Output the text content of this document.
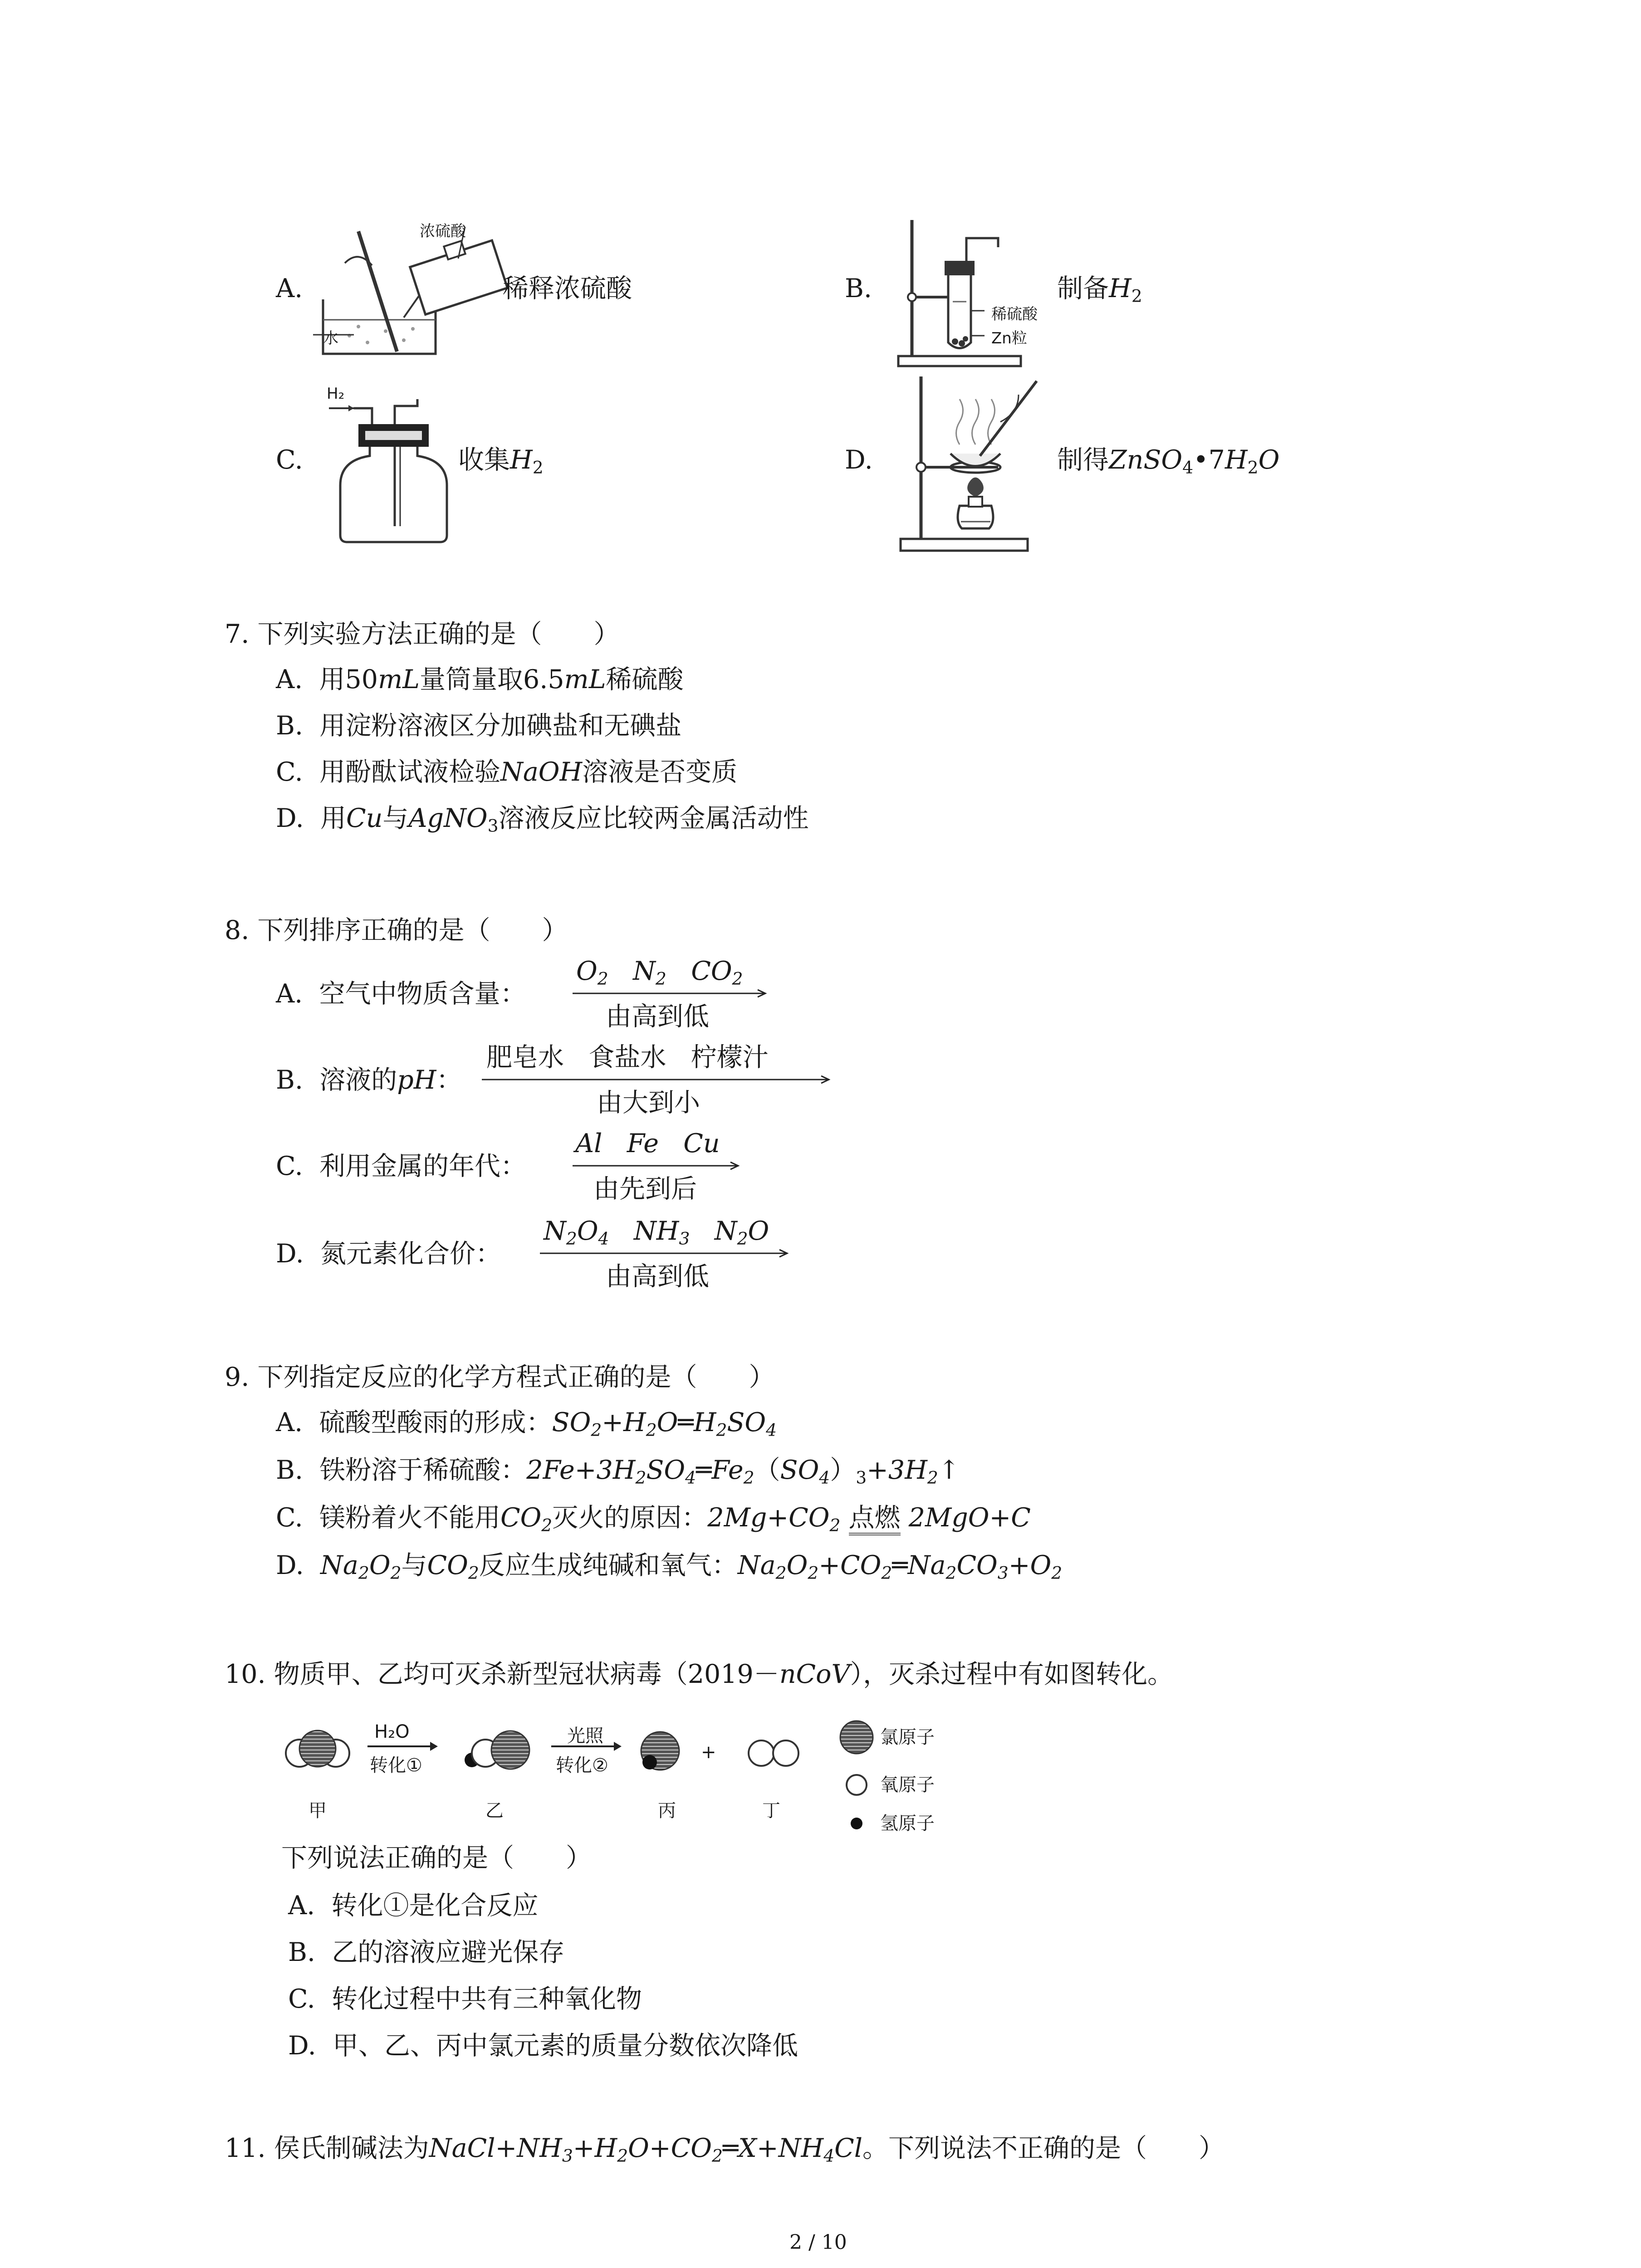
A.
浓硫酸
水
稀释浓硫酸	B.
稀硫酸
Zn粒
制备$H_2$
C.
H₂
收集$H_2$	D.	制得$ZnSO_4•7H_2O$
7. 下列实验方法正确的是（　　）
A. 用50mL量筒量取6.5mL稀硫酸
B. 用淀粉溶液区分加碘盐和无碘盐
C. 用酚酞试液检验NaOH溶液是否变质
D. 用Cu与AgNO$_3$溶液反应比较两金属活动性
8. 下列排序正确的是（　　）
A. 空气中物质含量：
$O_2$ $N_2$ $CO_2$
由高到低
B. 溶液的pH：
肥皂水 食盐水 柠檬汁
由大到小
C. 利用金属的年代：
Al Fe Cu
由先到后
D. 氮元素化合价：
$N_2O_4$   $NH_3$   $N_2O$
由高到低
9. 下列指定反应的化学方程式正确的是（　　）
A. 硫酸型酸雨的形成：$SO_2+H_2O═H_2SO_4$
B. 铁粉溶于稀硫酸：$2Fe+3H_2SO_4═Fe_2(SO_4)_3+3H_2↑$
C. 镁粉着火不能用$CO_2$灭火的原因：$2Mg+CO_2$ 点燃 2MgO+C
D. $Na_2O_2$与$CO_2$反应生成纯碱和氧气：$Na_2O_2+CO_2═Na_2CO_3+O_2$
10. 物质甲、乙均可灭杀新型冠状病毒（2019－nCoV），灭杀过程中有如图转化。
H₂O
转化①
光照
转化②
+
甲	乙	丙	丁
氯原子
氧原子
氢原子
下列说法正确的是（　　）
A. 转化①是化合反应
B. 乙的溶液应避光保存
C. 转化过程中共有三种氧化物
D. 甲、乙、丙中氯元素的质量分数依次降低
11. 侯氏制碱法为$NaCl+NH_3+H_2O+CO_2═X+NH_4Cl$。下列说法不正确的是（　　）
2 / 10
